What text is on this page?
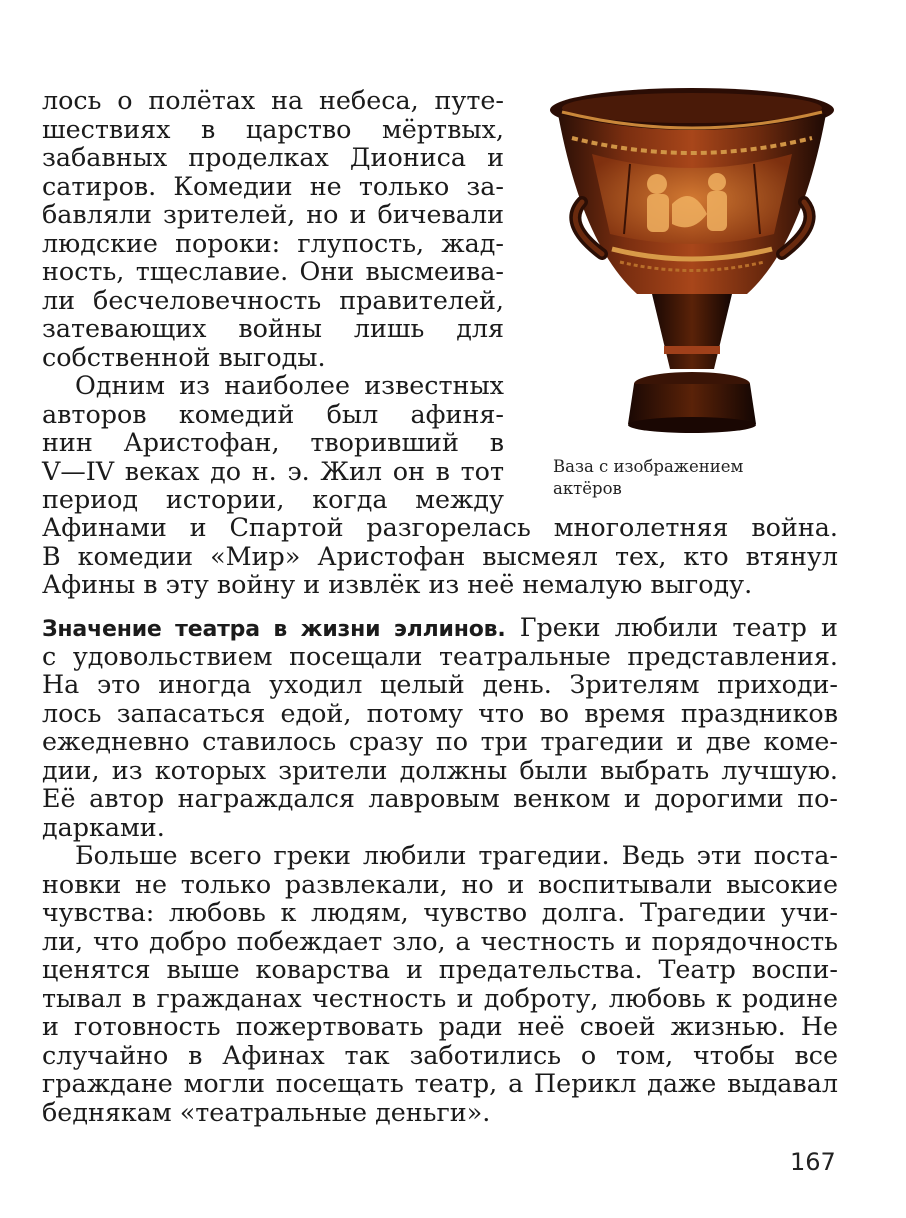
лось о полётах на небеса, путе-
шествиях в царство мёртвых,
забавных проделках Диониса и
сатиров. Комедии не только за-
бавляли зрителей, но и бичевали
людские пороки: глупость, жад-
ность, тщеславие. Они высмеива-
ли бесчеловечность правителей,
затевающих войны лишь для
собственной выгоды.
Одним из наиболее известных
авторов комедий был афиня-
нин Аристофан, творивший в
V—IV веках до н. э. Жил он в тот
период истории, когда между
Афинами и Спартой разгорелась многолетняя война.
В комедии «Мир» Аристофан высмеял тех, кто втянул
Афины в эту войну и извлёк из неё немалую выгоду.
Ваза с изображением
актёров
Значение театра в жизни эллинов. Греки любили театр и
с удовольствием посещали театральные представления.
На это иногда уходил целый день. Зрителям приходи-
лось запасаться едой, потому что во время праздников
ежедневно ставилось сразу по три трагедии и две коме-
дии, из которых зрители должны были выбрать лучшую.
Её автор награждался лавровым венком и дорогими по-
дарками.
Больше всего греки любили трагедии. Ведь эти поста-
новки не только развлекали, но и воспитывали высокие
чувства: любовь к людям, чувство долга. Трагедии учи-
ли, что добро побеждает зло, а честность и порядочность
ценятся выше коварства и предательства. Театр воспи-
тывал в гражданах честность и доброту, любовь к родине
и готовность пожертвовать ради неё своей жизнью. Не
случайно в Афинах так заботились о том, чтобы все
граждане могли посещать театр, а Перикл даже выдавал
беднякам «театральные деньги».
167
